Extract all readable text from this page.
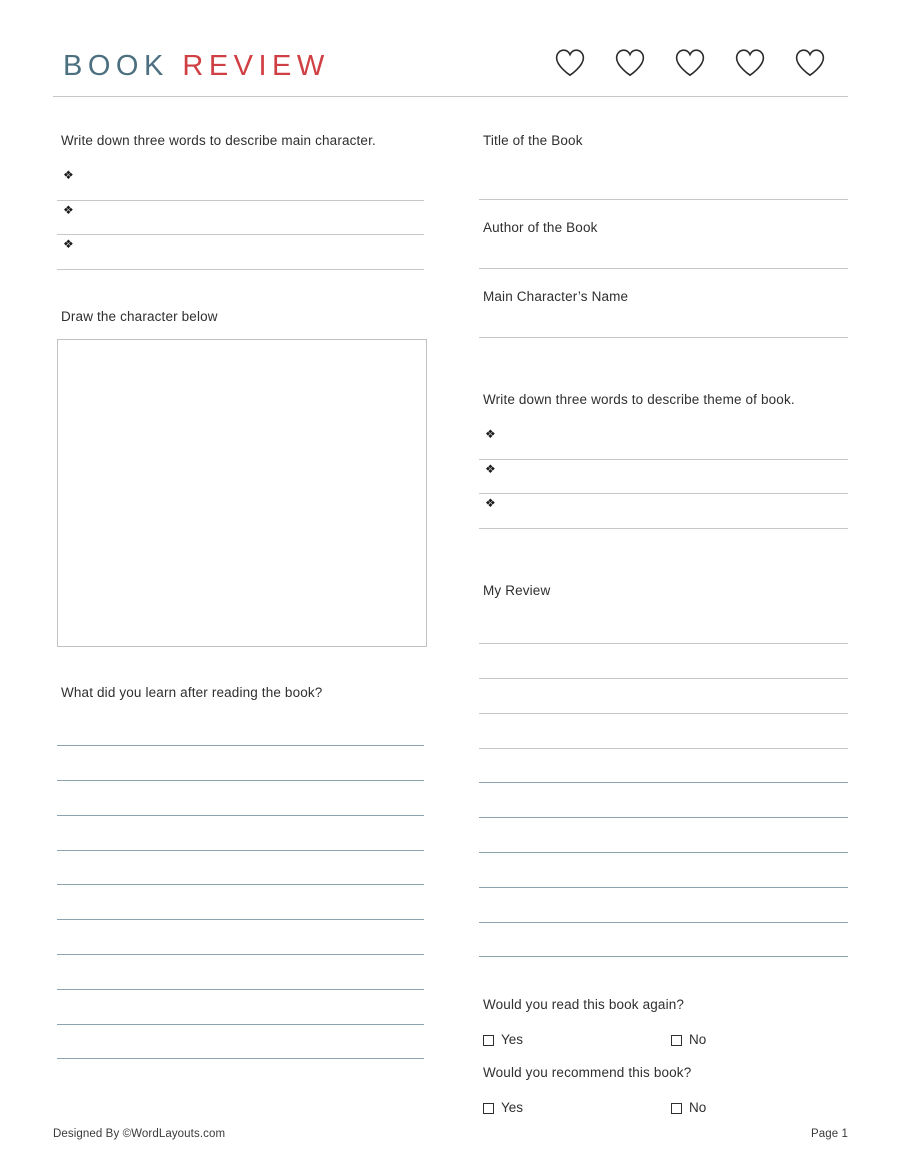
BOOK REVIEW
Write down three words to describe main character.
❖
❖
❖
Draw the character below
What did you learn after reading the book?
Title of the Book
Author of the Book
Main Character’s Name
Write down three words to describe theme of book.
❖
❖
❖
My Review
Would you read this book again?
Yes	No
Would you recommend this book?
Yes	No
Designed By ©WordLayouts.com	Page 1
